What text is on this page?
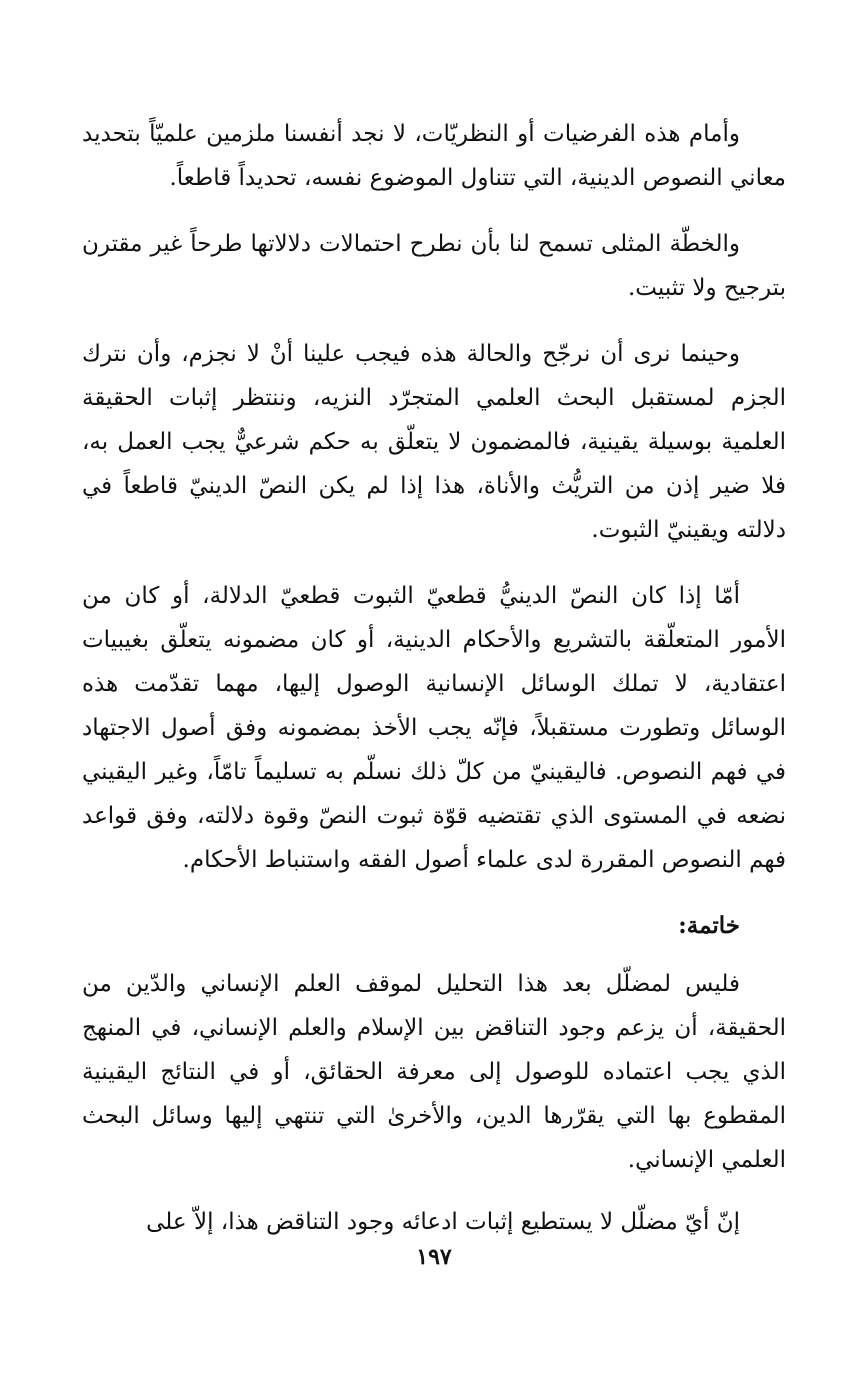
وأمام هذه الفرضيات أو النظريّات، لا نجد أنفسنا ملزمين علميّاً بتحديد معاني النصوص الدينية، التي تتناول الموضوع نفسه، تحديداً قاطعاً.

والخطّة المثلى تسمح لنا بأن نطرح احتمالات دلالاتها طرحاً غير مقترن بترجيح ولا تثبيت.

وحينما نرى أن نرجّح والحالة هذه فيجب علينا أنْ لا نجزم، وأن نترك الجزم لمستقبل البحث العلمي المتجرّد النزيه، وننتظر إثبات الحقيقة العلمية بوسيلة يقينية، فالمضمون لا يتعلّق به حكم شرعيٌّ يجب العمل به، فلا ضير إذن من التريُّث والأناة، هذا إذا لم يكن النصّ الدينيّ قاطعاً في دلالته ويقينيّ الثبوت.

أمّا إذا كان النصّ الدينيُّ قطعيّ الثبوت قطعيّ الدلالة، أو كان من الأمور المتعلّقة بالتشريع والأحكام الدينية، أو كان مضمونه يتعلّق بغيبيات اعتقادية، لا تملك الوسائل الإنسانية الوصول إليها، مهما تقدّمت هذه الوسائل وتطورت مستقبلاً، فإنّه يجب الأخذ بمضمونه وفق أصول الاجتهاد في فهم النصوص. فاليقينيّ من كلّ ذلك نسلّم به تسليماً تامّاً، وغير اليقيني نضعه في المستوى الذي تقتضيه قوّة ثبوت النصّ وقوة دلالته، وفق قواعد فهم النصوص المقررة لدى علماء أصول الفقه واستنباط الأحكام.

خاتمة:

فليس لمضلّل بعد هذا التحليل لموقف العلم الإنساني والدّين من الحقيقة، أن يزعم وجود التناقض بين الإسلام والعلم الإنساني، في المنهج الذي يجب اعتماده للوصول إلى معرفة الحقائق، أو في النتائج اليقينية المقطوع بها التي يقرّرها الدين، والأخرىٰ التي تنتهي إليها وسائل البحث العلمي الإنساني.

إنّ أيّ مضلّل لا يستطيع إثبات ادعائه وجود التناقض هذا، إلاّ على

١٩٧
